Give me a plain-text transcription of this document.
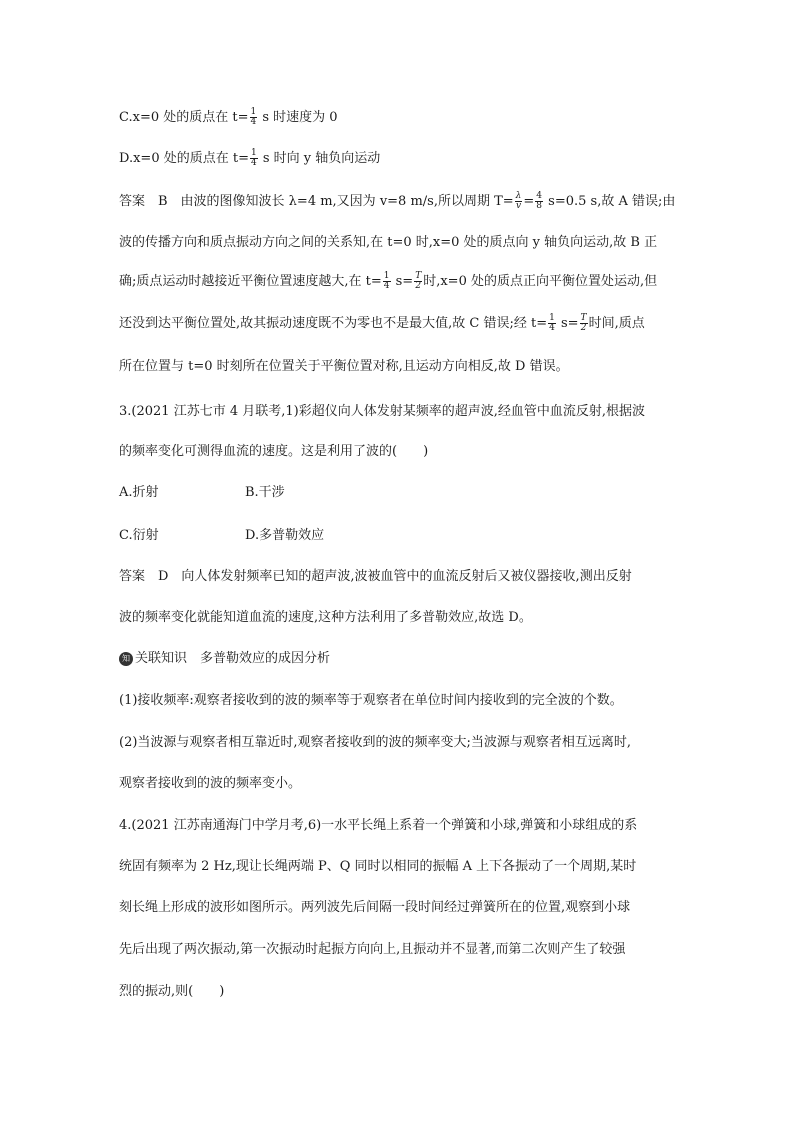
C.x=0 处的质点在 $t= \frac{1}{4}$ s 时速度为 0
D.x=0 处的质点在 $t= \frac{1}{4}$ s 时向 y 轴负向运动
答案　B　由波的图像知波长 λ=4 m,又因为 v=8 m/s,所以周期 $T= \frac{\lambda}{v} = \frac{4}{8} s=0.5$ s,故 A 错误;由
波的传播方向和质点振动方向之间的关系知,在 t=0 时,x=0 处的质点向 y 轴负向运动,故 B 正
确;质点运动时越接近平衡位置速度越大,在 $t= \frac{1}{4} s= \frac{T}{2}$ 时,x=0 处的质点正向平衡位置处运动,但
还没到达平衡位置处,故其振动速度既不为零也不是最大值,故 C 错误;经 $t= \frac{1}{4} s= \frac{T}{2}$ 时间,质点
所在位置与 t=0 时刻所在位置关于平衡位置对称,且运动方向相反,故 D 错误。
3.(2021 江苏七市 4 月联考,1)彩超仪向人体发射某频率的超声波,经血管中血流反射,根据波
的频率变化可测得血流的速度。这是利用了波的(　　)
A.折射	B.干涉
C.衍射	D.多普勒效应
答案　D　向人体发射频率已知的超声波,波被血管中的血流反射后又被仪器接收,测出反射
波的频率变化就能知道血流的速度,这种方法利用了多普勒效应,故选 D。
知 关联知识　多普勒效应的成因分析
(1)接收频率:观察者接收到的波的频率等于观察者在单位时间内接收到的完全波的个数。
(2)当波源与观察者相互靠近时,观察者接收到的波的频率变大;当波源与观察者相互远离时,
观察者接收到的波的频率变小。
4.(2021 江苏南通海门中学月考,6)一水平长绳上系着一个弹簧和小球,弹簧和小球组成的系
统固有频率为 2 Hz,现让长绳两端 P、Q 同时以相同的振幅 A 上下各振动了一个周期,某时
刻长绳上形成的波形如图所示。两列波先后间隔一段时间经过弹簧所在的位置,观察到小球
先后出现了两次振动,第一次振动时起振方向向上,且振动并不显著,而第二次则产生了较强
烈的振动,则(　　)
